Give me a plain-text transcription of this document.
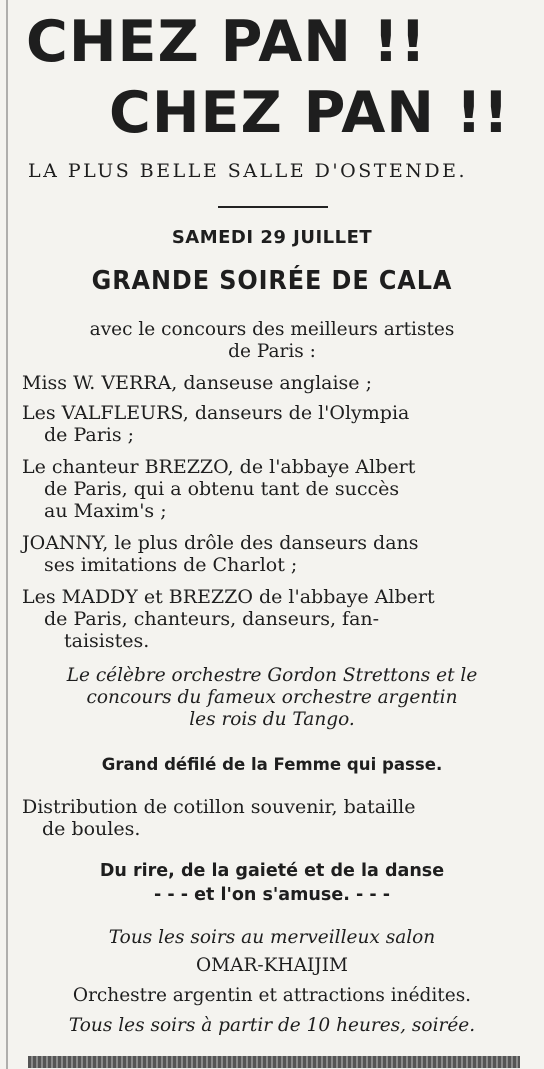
CHEZ PAN !!
CHEZ PAN !!
LA PLUS BELLE SALLE D'OSTENDE.
SAMEDI 29 JUILLET
GRANDE SOIRÉE DE CALA
avec le concours des meilleurs artistes
de Paris :
Miss W. VERRA, danseuse anglaise ;
Les VALFLEURS, danseurs de l'Olympia
de Paris ;
Le chanteur BREZZO, de l'abbaye Albert
de Paris, qui a obtenu tant de succès
au Maxim's ;
JOANNY, le plus drôle des danseurs dans
ses imitations de Charlot ;
Les MADDY et BREZZO de l'abbaye Albert
de Paris, chanteurs, danseurs, fan-
taisistes.
Le célèbre orchestre Gordon Strettons et le
concours du fameux orchestre argentin
les rois du Tango.
Grand défilé de la Femme qui passe.
Distribution de cotillon souvenir, bataille
de boules.
Du rire, de la gaieté et de la danse
- - - et l'on s'amuse. - - -
Tous les soirs au merveilleux salon
OMAR-KHAIJIM
Orchestre argentin et attractions inédites.
Tous les soirs à partir de 10 heures, soirée.
